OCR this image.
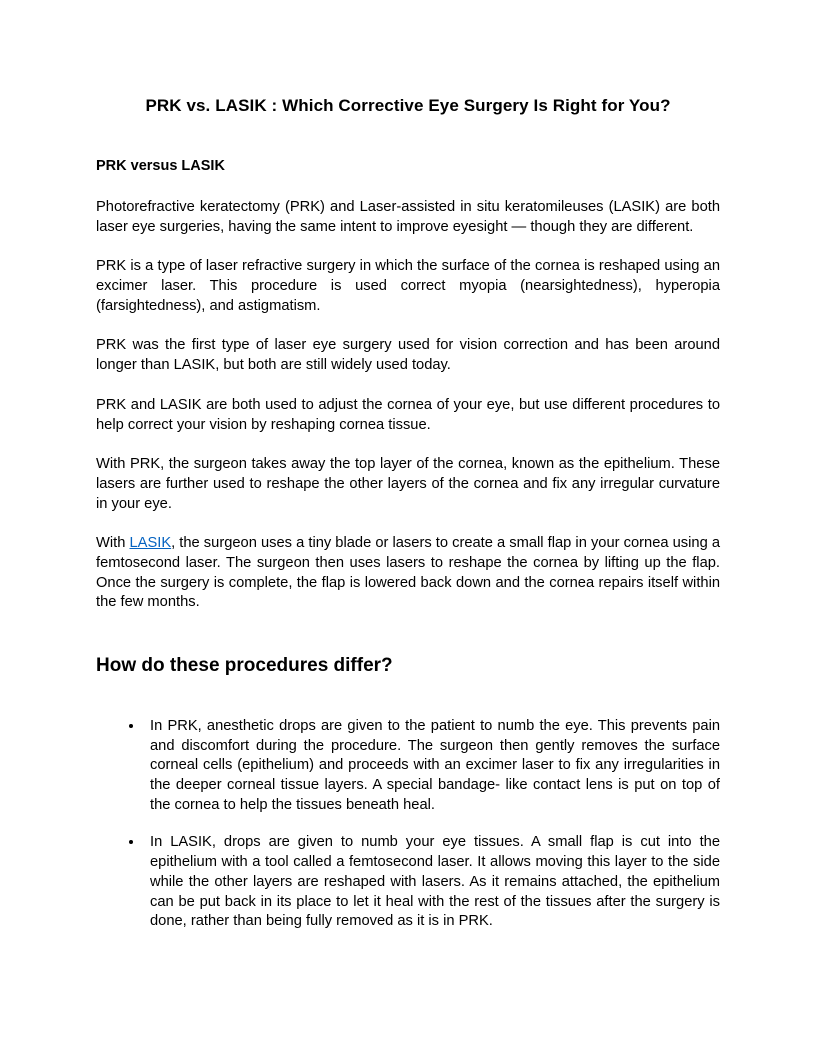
PRK vs. LASIK : Which Corrective Eye Surgery Is Right for You?

PRK versus LASIK

Photorefractive keratectomy (PRK) and Laser-assisted in situ keratomileuses (LASIK) are both laser eye surgeries, having the same intent to improve eyesight — though they are different.

PRK is a type of laser refractive surgery in which the surface of the cornea is reshaped using an excimer laser. This procedure is used correct myopia (nearsightedness), hyperopia (farsightedness), and astigmatism.

PRK was the first type of laser eye surgery used for vision correction and has been around longer than LASIK, but both are still widely used today.

PRK and LASIK are both used to adjust the cornea of your eye, but use different procedures to help correct your vision by reshaping cornea tissue.

With PRK, the surgeon takes away the top layer of the cornea, known as the epithelium. These lasers are further used to reshape the other layers of the cornea and fix any irregular curvature in your eye.

With LASIK, the surgeon uses a tiny blade or lasers to create a small flap in your cornea using a femtosecond laser. The surgeon then uses lasers to reshape the cornea by lifting up the flap. Once the surgery is complete, the flap is lowered back down and the cornea repairs itself within the few months.

How do these procedures differ?
• In PRK, anesthetic drops are given to the patient to numb the eye. This prevents pain and discomfort during the procedure. The surgeon then gently removes the surface corneal cells (epithelium) and proceeds with an excimer laser to fix any irregularities in the deeper corneal tissue layers. A special bandage- like contact lens is put on top of the cornea to help the tissues beneath heal.
• In LASIK, drops are given to numb your eye tissues. A small flap is cut into the epithelium with a tool called a femtosecond laser. It allows moving this layer to the side while the other layers are reshaped with lasers. As it remains attached, the epithelium can be put back in its place to let it heal with the rest of the tissues after the surgery is done, rather than being fully removed as it is in PRK.
